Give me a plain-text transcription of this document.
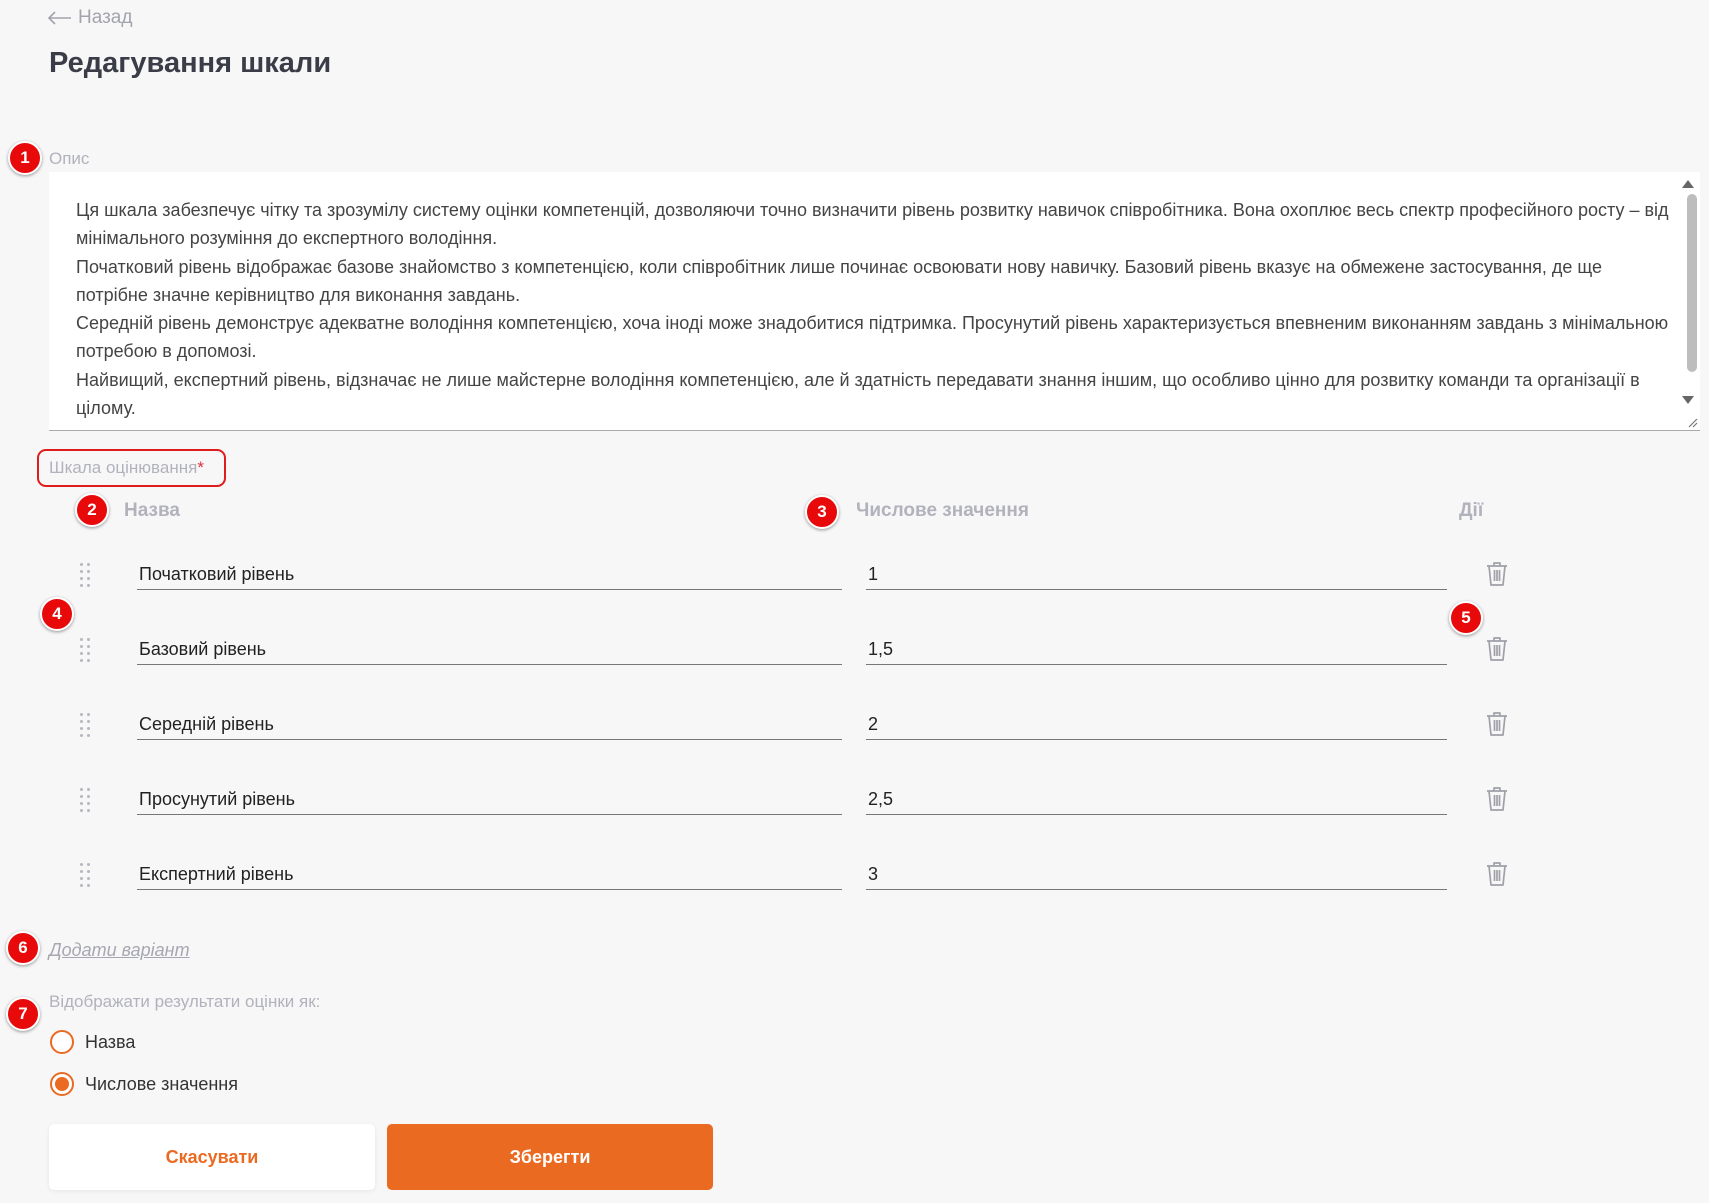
Назад
Редагування шкали
Опис

Ця шкала забезпечує чітку та зрозумілу систему оцінки компетенцій, дозволяючи точно визначити рівень розвитку навичок співробітника. Вона охоплює весь спектр професійного росту – від мінімального розуміння до експертного володіння.

Початковий рівень відображає базове знайомство з компетенцією, коли співробітник лише починає освоювати нову навичку. Базовий рівень вказує на обмежене застосування, де ще потрібне значне керівництво для виконання завдань.

Середній рівень демонструє адекватне володіння компетенцією, хоча іноді може знадобитися підтримка. Просунутий рівень характеризується впевненим виконанням завдань з мінімальною потребою в допомозі.

Найвищий, експертний рівень, відзначає не лише майстерне володіння компетенцією, але й здатність передавати знання іншим, що особливо цінно для розвитку команди та організації в цілому.

Шкала оцінювання*
Назва	Числове значення	Дії
Початковий рівень	1
Базовий рівень	1,5
Середній рівень	2
Просунутий рівень	2,5
Експертний рівень	3
Додати варіант
Відображати результати оцінки як:
Назва
Числове значення
Скасувати	Зберегти
1
2	3
4	5
6
7
